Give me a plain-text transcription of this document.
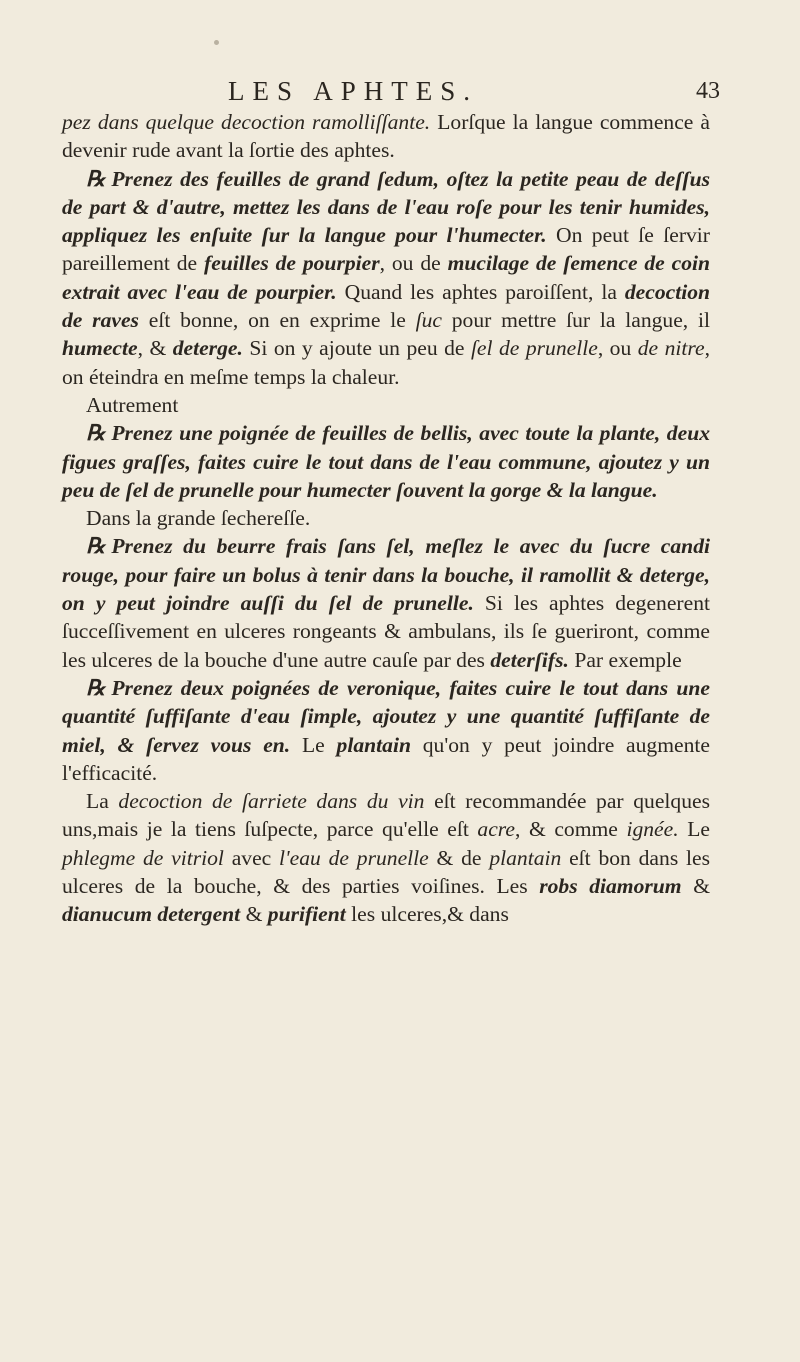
LES APHTES.	43

pez dans quelque decoction ramolliſſante. Lorſque la langue commence à devenir rude avant la ſortie des aphtes.

℞ Prenez des feuilles de grand ſedum, oſtez la petite peau de deſſus de part & d'autre, mettez les dans de l'eau roſe pour les tenir humides, appliquez les enſuite ſur la langue pour l'humecter. On peut ſe ſervir pareillement de feuilles de pourpier, ou de mucilage de ſemence de coin extrait avec l'eau de pourpier. Quand les aphtes paroiſſent, la decoction de raves eſt bonne, on en exprime le ſuc pour mettre ſur la langue, il humecte, & deterge. Si on y ajoute un peu de ſel de prunelle, ou de nitre, on éteindra en meſme temps la chaleur.

Autrement

℞ Prenez une poignée de feuilles de bellis, avec toute la plante, deux figues graſſes, faites cuire le tout dans de l'eau commune, ajoutez y un peu de ſel de prunelle pour humecter ſouvent la gorge & la langue.

Dans la grande ſechereſſe.

℞ Prenez du beurre frais ſans ſel, meſlez le avec du ſucre candi rouge, pour faire un bolus à tenir dans la bouche, il ramollit & deterge, on y peut joindre auſſi du ſel de prunelle. Si les aphtes degenerent ſucceſſivement en ulceres rongeants & ambulans, ils ſe gueriront, comme les ulceres de la bouche d'une autre cauſe par des deterſifs. Par exemple

℞ Prenez deux poignées de veronique, faites cuire le tout dans une quantité ſuffiſante d'eau ſimple, ajoutez y une quantité ſuffiſante de miel, & ſervez vous en. Le plantain qu'on y peut joindre augmente l'efficacité.

La decoction de ſarriete dans du vin eſt recommandée par quelques uns,mais je la tiens ſuſpecte, parce qu'elle eſt acre, & comme ignée. Le phlegme de vitriol avec l'eau de prunelle & de plantain eſt bon dans les ulceres de la bouche, & des parties voiſines. Les robs diamorum & dianucum detergent & purifient les ulceres,& dans
